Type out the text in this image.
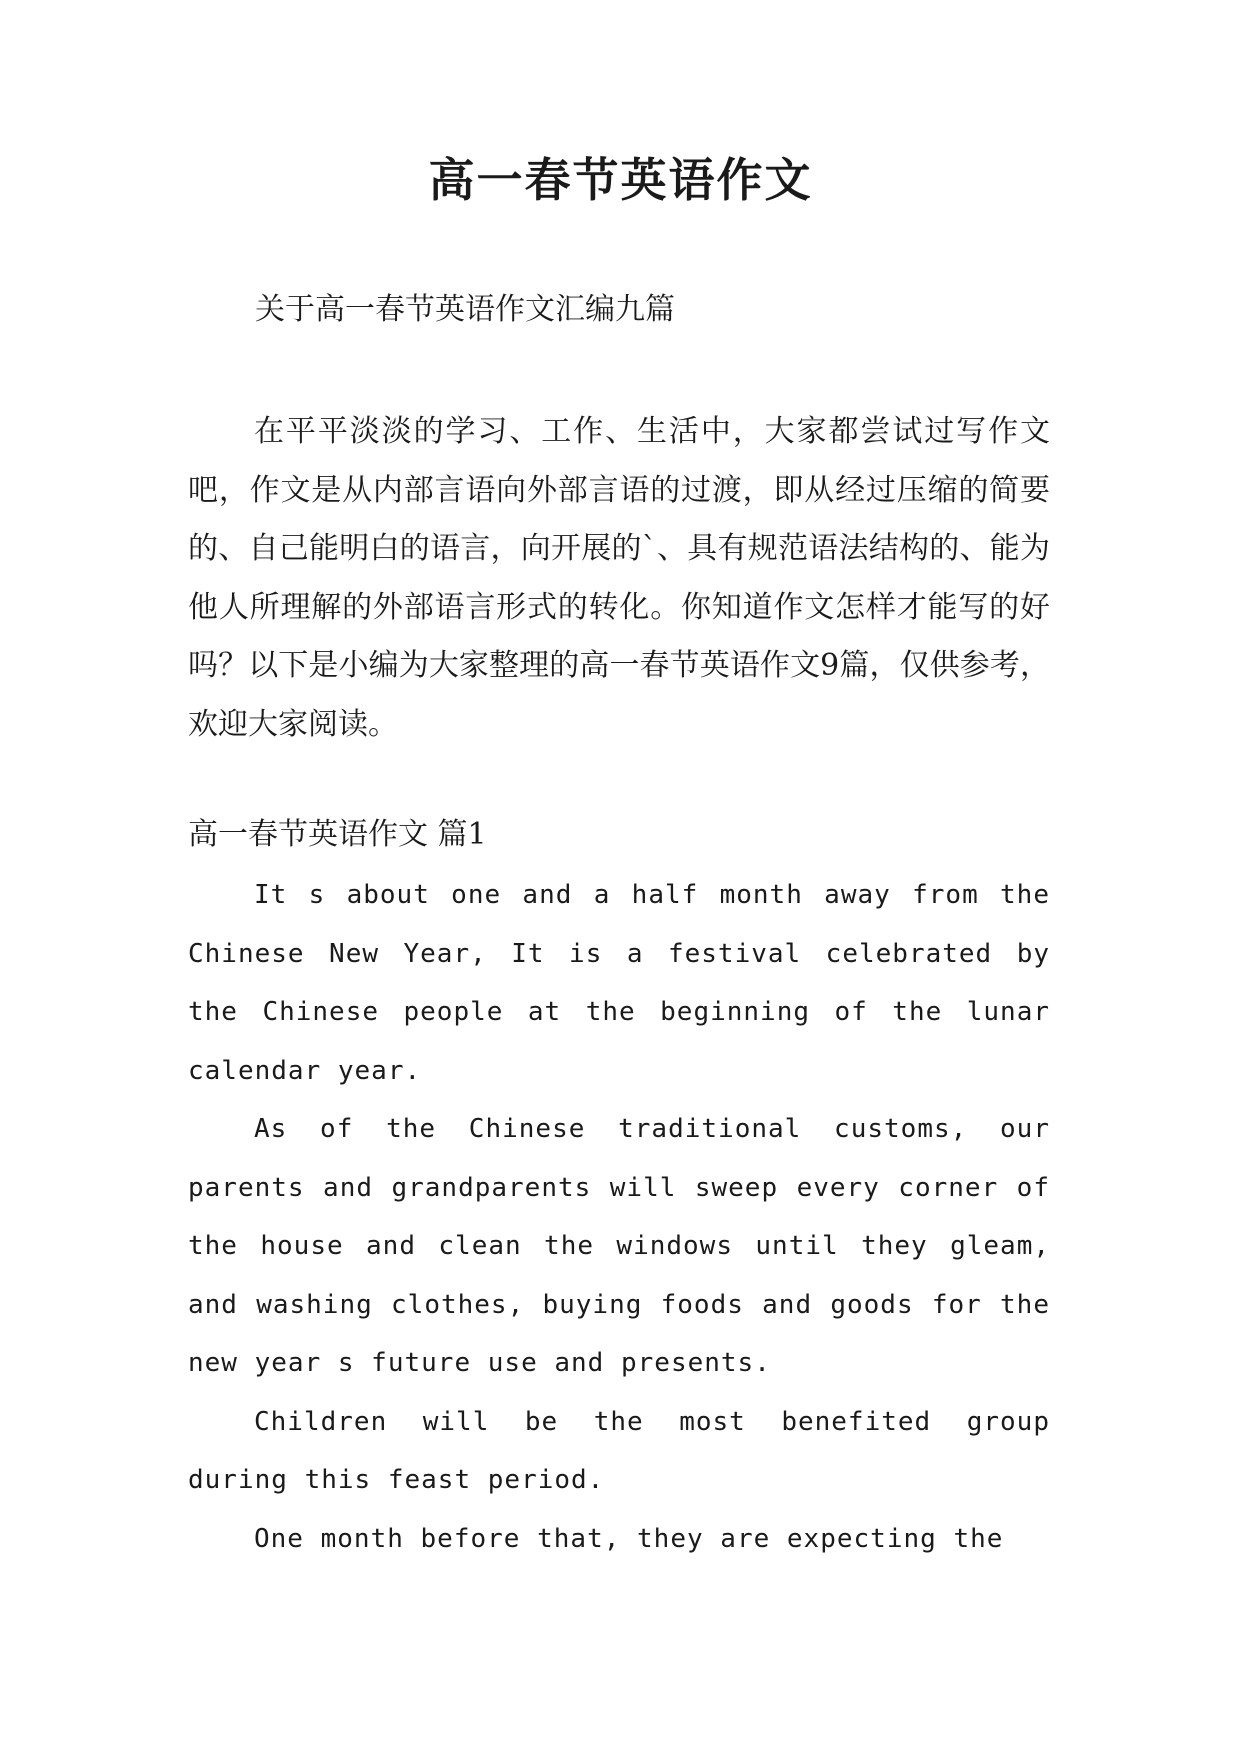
高一春节英语作文

关于高一春节英语作文汇编九篇

在平平淡淡的学习、工作、生活中，大家都尝试过写作文吧，作文是从内部言语向外部言语的过渡，即从经过压缩的简要的、自己能明白的语言，向开展的`、具有规范语法结构的、能为他人所理解的外部语言形式的转化。你知道作文怎样才能写的好吗？以下是小编为大家整理的高一春节英语作文9篇，仅供参考，欢迎大家阅读。

高一春节英语作文 篇1

It s about one and a half month away from the Chinese New Year, It is a festival celebrated by the Chinese people at the beginning of the lunar calendar year.

As of the Chinese traditional customs, our parents and grandparents will sweep every corner of the house and clean the windows until they gleam, and washing clothes, buying foods and goods for the new year s future use and presents.

Children will be the most benefited group during this feast period.

One month before that, they are expecting the
